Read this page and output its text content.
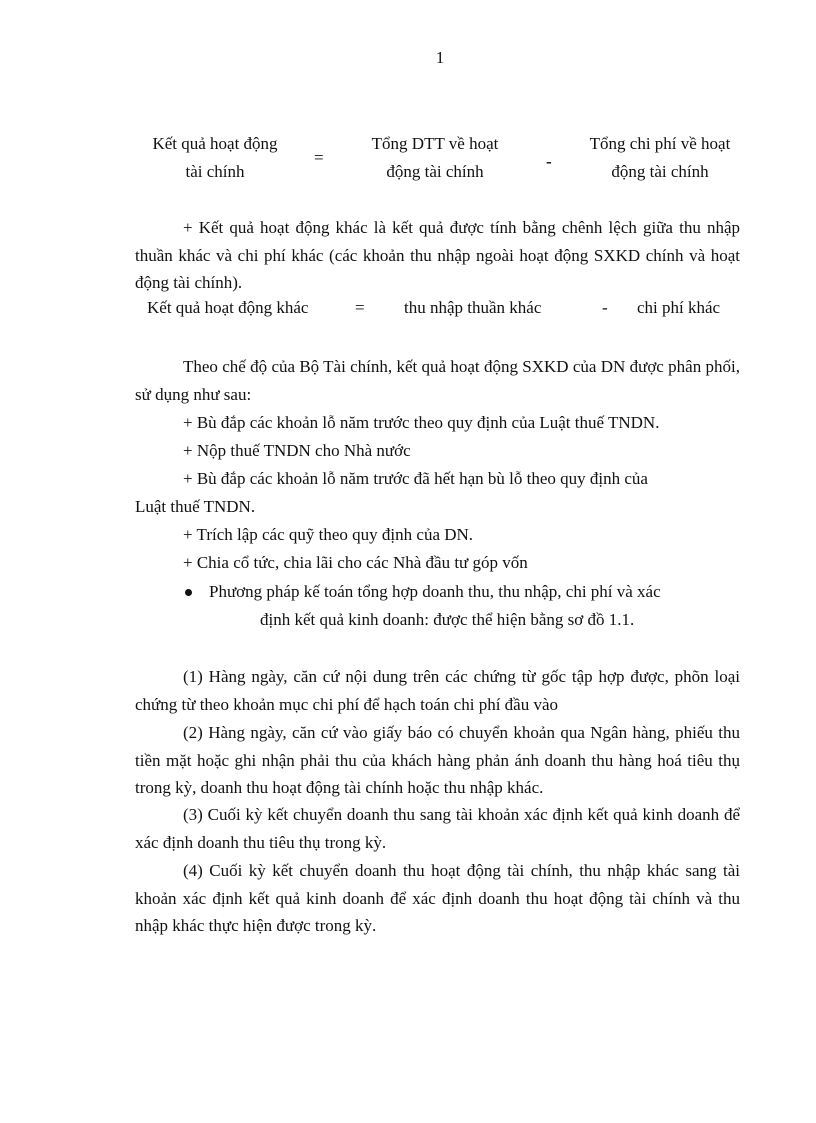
1
Kết quả hoạt động
tài chính
=
Tổng DTT về hoạt
động tài chính
-
Tổng chi phí về hoạt
động tài chính

+ Kết quả hoạt động khác là kết quả được tính bằng chênh lệch giữa thu nhập thuần khác và chi phí khác (các khoản thu nhập ngoài hoạt động SXKD chính và hoạt động tài chính).

Kết quả hoạt động khác	= thu nhập thuần khác	- chi phí khác

Theo chế độ của Bộ Tài chính, kết quả hoạt động SXKD của DN được phân phối, sử dụng như sau:

+ Bù đắp các khoản lỗ năm trước theo quy định của Luật thuế TNDN.
+ Nộp thuế TNDN cho Nhà nước
+ Bù đắp các khoản lỗ năm trước đã hết hạn bù lỗ theo quy định của
Luật thuế TNDN.
+ Trích lập các quỹ theo quy định của DN.
+ Chia cổ tức, chia lãi cho các Nhà đầu tư góp vốn
Phương pháp kế toán tổng hợp doanh thu, thu nhập, chi phí và xác
định kết quả kinh doanh: được thể hiện bằng sơ đồ 1.1.

(1) Hàng ngày, căn cứ nội dung trên các chứng từ gốc tập hợp được, phõn loại chứng từ theo khoản mục chi phí để hạch toán chi phí đầu vào

(2) Hàng ngày, căn cứ vào giấy báo có chuyển khoản qua Ngân hàng, phiếu thu tiền mặt hoặc ghi nhận phải thu của khách hàng phản ánh doanh thu hàng hoá tiêu thụ trong kỳ, doanh thu hoạt động tài chính hoặc thu nhập khác.

(3) Cuối kỳ kết chuyển doanh thu sang tài khoản xác định kết quả kinh doanh để xác định doanh thu tiêu thụ trong kỳ.

(4) Cuối kỳ kết chuyển doanh thu hoạt động tài chính, thu nhập khác sang tài khoản xác định kết quả kinh doanh để xác định doanh thu hoạt động tài chính và thu nhập khác thực hiện được trong kỳ.
